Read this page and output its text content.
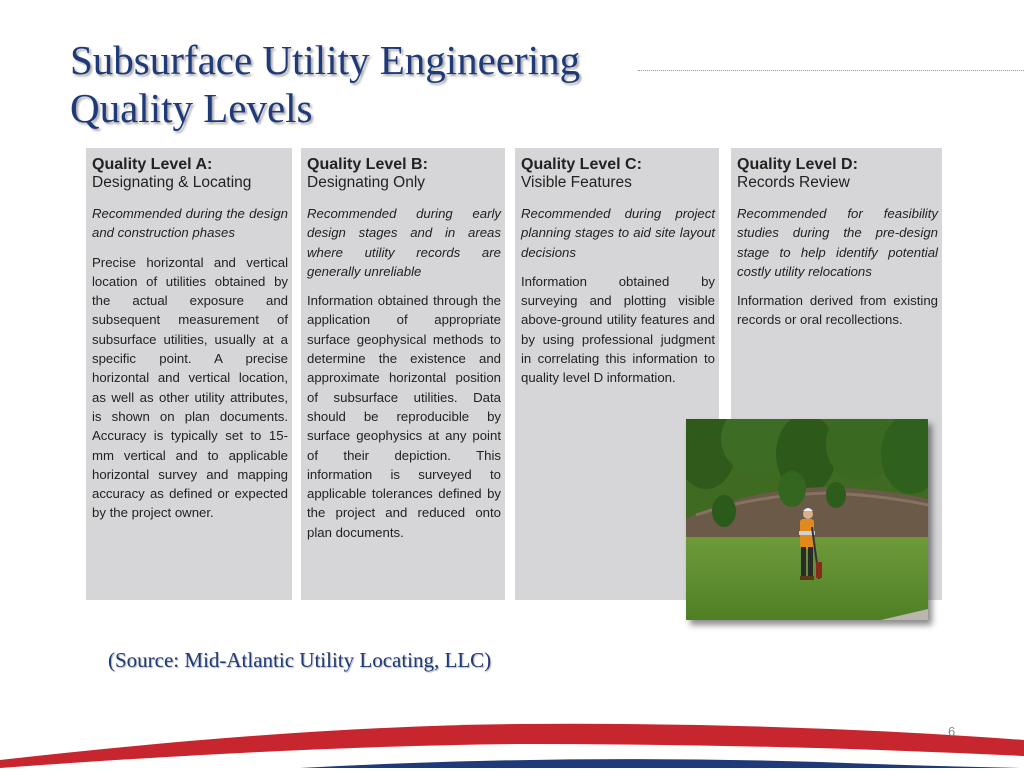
Subsurface Utility Engineering
Quality Levels

Quality Level A:

Designating & Locating

Recommended during the design and construction phases

Precise horizontal and vertical location of utilities obtained by the actual exposure and subsequent measurement of subsurface utilities, usually at a specific point. A precise horizontal and vertical location, as well as other utility attributes, is shown on plan documents. Accuracy is typically set to 15-mm vertical and to applicable horizontal survey and mapping accuracy as defined or expected by the project owner.

Quality Level B:

Designating Only

Recommended during early design stages and in areas where utility records are generally unreliable

Information obtained through the application of appropriate surface geophysical methods to determine the existence and approximate horizontal position of subsurface utilities. Data should be reproducible by surface geophysics at any point of their depiction. This information is surveyed to applicable tolerances defined by the project and reduced onto plan documents.

Quality Level C:

Visible Features

Recommended during project planning stages to aid site layout decisions

Information obtained by surveying and plotting visible above-ground utility features and by using professional judgment in correlating this information to quality level D information.

Quality Level D:

Records Review

Recommended for feasibility studies during the pre-design stage to help identify potential costly utility relocations

Information derived from existing records or oral recollections.

(Source: Mid-Atlantic Utility Locating, LLC)

6
